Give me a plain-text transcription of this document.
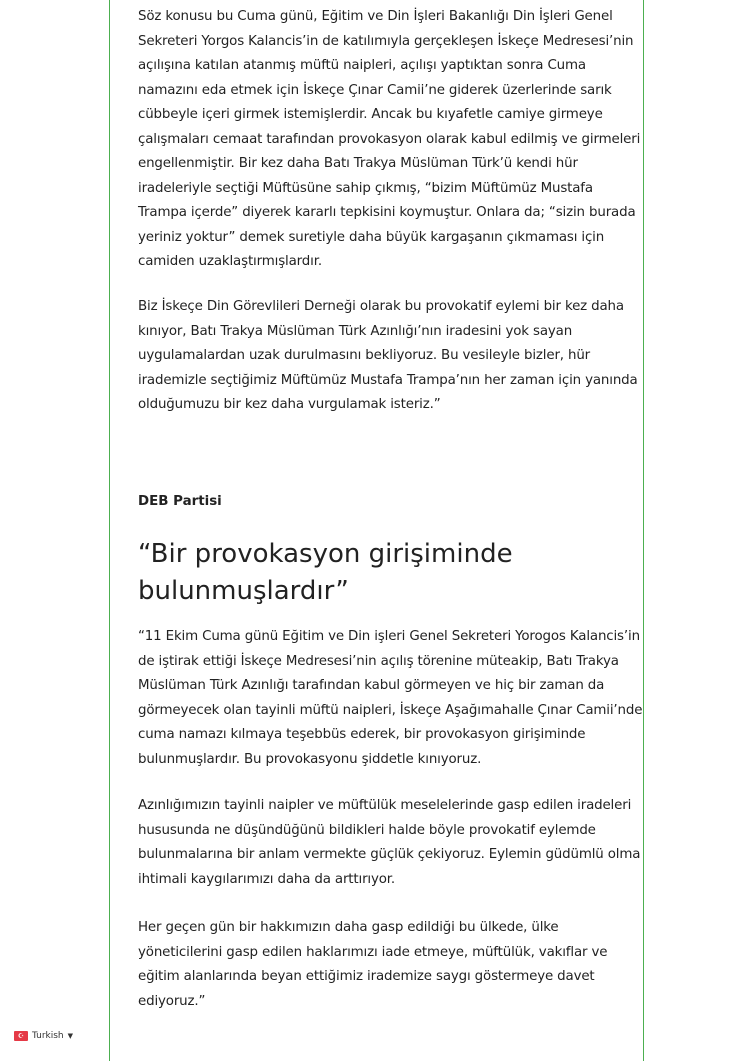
Söz konusu bu Cuma günü, Eğitim ve Din İşleri Bakanlığı Din İşleri Genel
Sekreteri Yorgos Kalancis’in de katılımıyla gerçekleşen İskeçe Medresesi’nin
açılışına katılan atanmış müftü naipleri, açılışı yaptıktan sonra Cuma
namazını eda etmek için İskeçe Çınar Camii’ne giderek üzerlerinde sarık
cübbeyle içeri girmek istemişlerdir. Ancak bu kıyafetle camiye girmeye
çalışmaları cemaat tarafından provokasyon olarak kabul edilmiş ve girmeleri
engellenmiştir. Bir kez daha Batı Trakya Müslüman Türk’ü kendi hür
iradeleriyle seçtiği Müftüsüne sahip çıkmış, “bizim Müftümüz Mustafa
Trampa içerde” diyerek kararlı tepkisini koymuştur. Onlara da; “sizin burada
yeriniz yoktur” demek suretiyle daha büyük kargaşanın çıkmaması için
camiden uzaklaştırmışlardır.
Biz İskeçe Din Görevlileri Derneği olarak bu provokatif eylemi bir kez daha
kınıyor, Batı Trakya Müslüman Türk Azınlığı’nın iradesini yok sayan
uygulamalardan uzak durulmasını bekliyoruz. Bu vesileyle bizler, hür
irademizle seçtiğimiz Müftümüz Mustafa Trampa’nın her zaman için yanında
olduğumuzu bir kez daha vurgulamak isteriz.”
DEB Partisi
“Bir provokasyon girişiminde
bulunmuşlardır”
“11 Ekim Cuma günü Eğitim ve Din işleri Genel Sekreteri Yorogos Kalancis’in
de iştirak ettiği İskeçe Medresesi’nin açılış törenine müteakip, Batı Trakya
Müslüman Türk Azınlığı tarafından kabul görmeyen ve hiç bir zaman da
görmeyecek olan tayinli müftü naipleri, İskeçe Aşağımahalle Çınar Camii’nde
cuma namazı kılmaya teşebbüs ederek, bir provokasyon girişiminde
bulunmuşlardır. Bu provokasyonu şiddetle kınıyoruz.
Azınlığımızın tayinli naipler ve müftülük meselelerinde gasp edilen iradeleri
hususunda ne düşündüğünü bildikleri halde böyle provokatif eylemde
bulunmalarına bir anlam vermekte güçlük çekiyoruz. Eylemin güdümlü olma
ihtimali kaygılarımızı daha da arttırıyor.
Her geçen gün bir hakkımızın daha gasp edildiği bu ülkede, ülke
yöneticilerini gasp edilen haklarımızı iade etmeye, müftülük, vakıflar ve
eğitim alanlarında beyan ettiğimiz irademize saygı göstermeye davet
ediyoruz.”
☪ Turkish ▼
